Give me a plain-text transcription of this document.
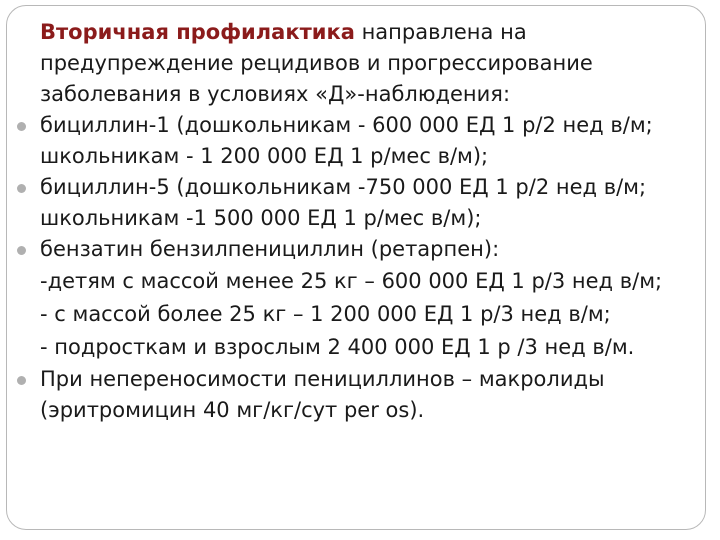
Вторичная профилактика направлена на предупреждение рецидивов и прогрессирование заболевания в условиях «Д»-наблюдения:

бициллин-1 (дошкольникам - 600 000 ЕД 1 р/2 нед в/м; школьникам - 1 200 000 ЕД 1 р/мес в/м);

бициллин-5 (дошкольникам -750 000 ЕД 1 р/2 нед в/м; школьникам -1 500 000 ЕД 1 р/мес в/м);

бензатин бензилпенициллин (ретарпен):

-детям с массой менее 25 кг – 600 000 ЕД 1 р/3 нед в/м;

- с массой более 25 кг – 1 200 000 ЕД 1 р/3 нед в/м;

- подросткам и взрослым 2 400 000 ЕД 1 р /3 нед в/м.

При непереносимости пенициллинов – макролиды (эритромицин 40 мг/кг/сут per os).
